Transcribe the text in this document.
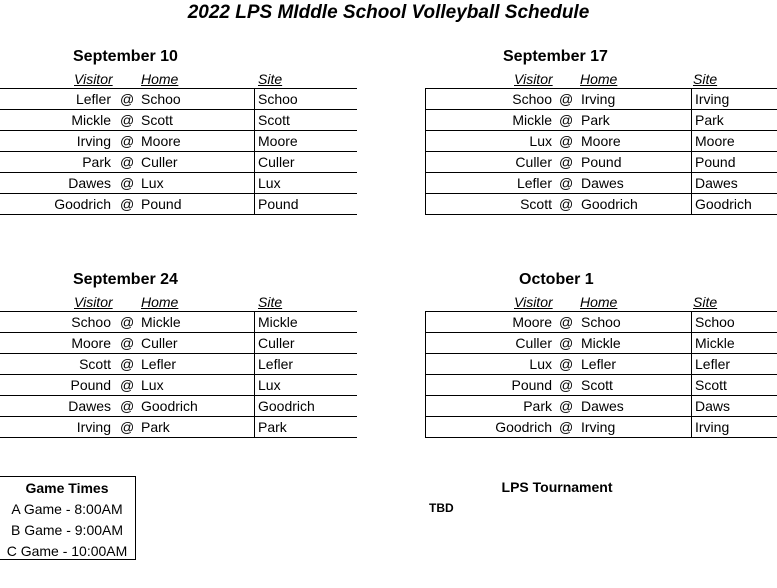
2022 LPS MIddle School Volleyball Schedule
September 10
Visitor Home	Site
Lefler @ Schoo	Schoo
Mickle @ Scott	Scott
Irving @ Moore	Moore
Park @ Culler	Culler
Dawes @ Lux	Lux
Goodrich @ Pound	Pound
September 17
Visitor Home	Site
Schoo @ Irving	Irving
Mickle @ Park	Park
Lux @ Moore	Moore
Culler @ Pound	Pound
Lefler @ Dawes	Dawes
Scott @ Goodrich	Goodrich
September 24
Visitor Home	Site
Schoo @ Mickle	Mickle
Moore @ Culler	Culler
Scott @ Lefler	Lefler
Pound @ Lux	Lux
Dawes @ Goodrich	Goodrich
Irving @ Park	Park
October 1
Visitor Home	Site
Moore @ Schoo	Schoo
Culler @ Mickle	Mickle
Lux @ Lefler	Lefler
Pound @ Scott	Scott
Park @ Dawes	Daws
Goodrich @ Irving	Irving
Game Times
A Game - 8:00AM
B Game - 9:00AM
C Game - 10:00AM
LPS Tournament
TBD
